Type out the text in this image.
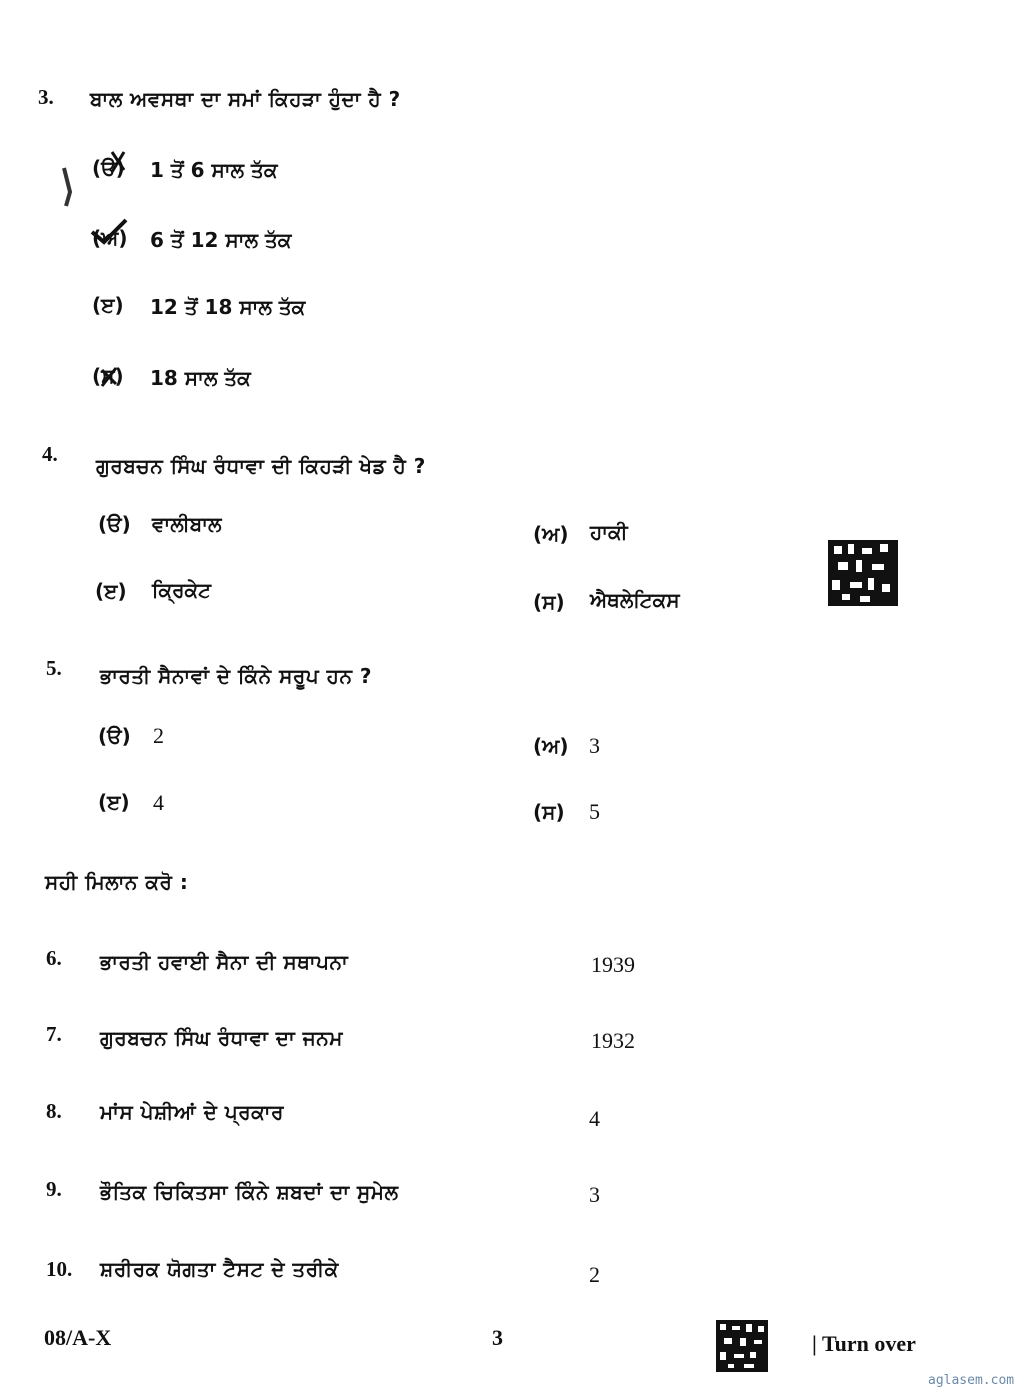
3. ਬਾਲ ਅਵਸਥਾ ਦਾ ਸਮਾਂ ਕਿਹੜਾ ਹੁੰਦਾ ਹੈ ?
(ੳ) 1 ਤੋਂ 6 ਸਾਲ ਤੱਕ
(ਅ) 6 ਤੋਂ 12 ਸਾਲ ਤੱਕ
(ੲ) 12 ਤੋਂ 18 ਸਾਲ ਤੱਕ
(ਸ) 18 ਸਾਲ ਤੱਕ
4. ਗੁਰਬਚਨ ਸਿੰਘ ਰੰਧਾਵਾ ਦੀ ਕਿਹੜੀ ਖੇਡ ਹੈ ?
(ੳ) ਵਾਲੀਬਾਲ	(ਅ) ਹਾਕੀ
(ੲ) ਕ੍ਰਿਕੇਟ	(ਸ) ਐਥਲੇਟਿਕਸ
5. ਭਾਰਤੀ ਸੈਨਾਵਾਂ ਦੇ ਕਿੰਨੇ ਸਰੂਪ ਹਨ ?
(ੳ) 2	(ਅ) 3
(ੲ) 4	(ਸ) 5
ਸਹੀ ਮਿਲਾਨ ਕਰੋ :
6. ਭਾਰਤੀ ਹਵਾਈ ਸੈਨਾ ਦੀ ਸਥਾਪਨਾ	1939
7. ਗੁਰਬਚਨ ਸਿੰਘ ਰੰਧਾਵਾ ਦਾ ਜਨਮ	1932
8. ਮਾਂਸ ਪੇਸ਼ੀਆਂ ਦੇ ਪ੍ਰਕਾਰ	4
9. ਭੌਤਿਕ ਚਿਕਿਤਸਾ ਕਿੰਨੇ ਸ਼ਬਦਾਂ ਦਾ ਸੁਮੇਲ	3
10. ਸ਼ਰੀਰਕ ਯੋਗਤਾ ਟੈਸਟ ਦੇ ਤਰੀਕੇ	2
08/A-X	3	| Turn over
aglasem.com
